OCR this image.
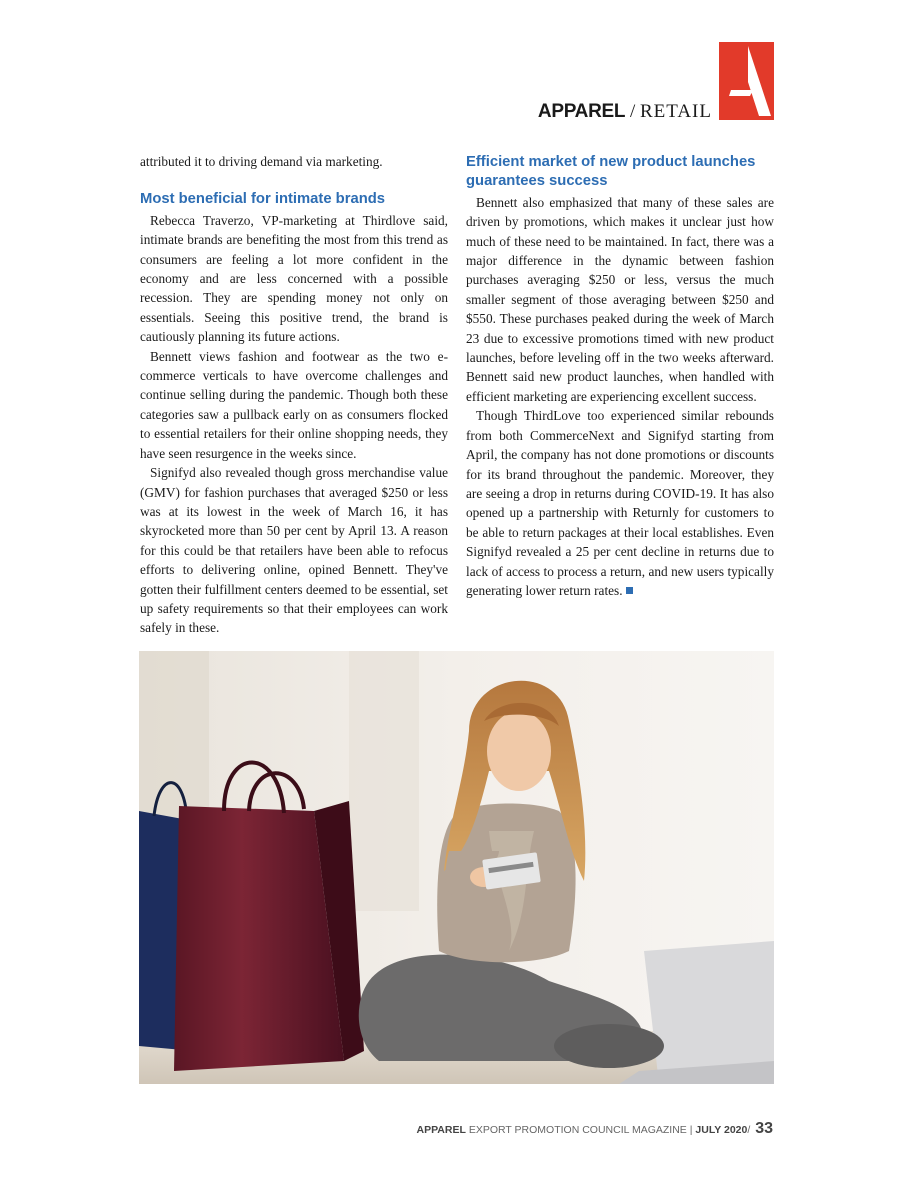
APPAREL / RETAIL

attributed it to driving demand via marketing.

Most beneficial for intimate brands

Rebecca Traverzo, VP-marketing at Thirdlove said, intimate brands are benefiting the most from this trend as consumers are feeling a lot more confident in the economy and are less concerned with a possible recession. They are spending money not only on essentials. Seeing this positive trend, the brand is cautiously planning its future actions.

Bennett views fashion and footwear as the two e-commerce verticals to have overcome challenges and continue selling during the pandemic. Though both these categories saw a pullback early on as consumers flocked to essential retailers for their online shopping needs, they have seen resurgence in the weeks since.

Signifyd also revealed though gross merchandise value (GMV) for fashion purchases that averaged $250 or less was at its lowest in the week of March 16, it has skyrocketed more than 50 per cent by April 13. A reason for this could be that retailers have been able to refocus efforts to delivering online, opined Bennett. They've gotten their fulfillment centers deemed to be essential, set up safety requirements so that their employees can work safely in these.

Efficient market of new product launches guarantees success

Bennett also emphasized that many of these sales are driven by promotions, which makes it unclear just how much of these need to be maintained. In fact, there was a major difference in the dynamic between fashion purchases averaging $250 or less, versus the much smaller segment of those averaging between $250 and $550. These purchases peaked during the week of March 23 due to excessive promotions timed with new product launches, before leveling off in the two weeks afterward. Bennett said new product launches, when handled with efficient marketing are experiencing excellent success.

Though ThirdLove too experienced similar rebounds from both CommerceNext and Signifyd starting from April, the company has not done promotions or discounts for its brand throughout the pandemic. Moreover, they are seeing a drop in returns during COVID-19. It has also opened up a partnership with Returnly for customers to be able to return packages at their local establishes. Even Signifyd revealed a 25 per cent decline in returns due to lack of access to process a return, and new users typically generating lower return rates.

APPAREL EXPORT PROMOTION COUNCIL MAGAZINE | JULY 2020/ 33
